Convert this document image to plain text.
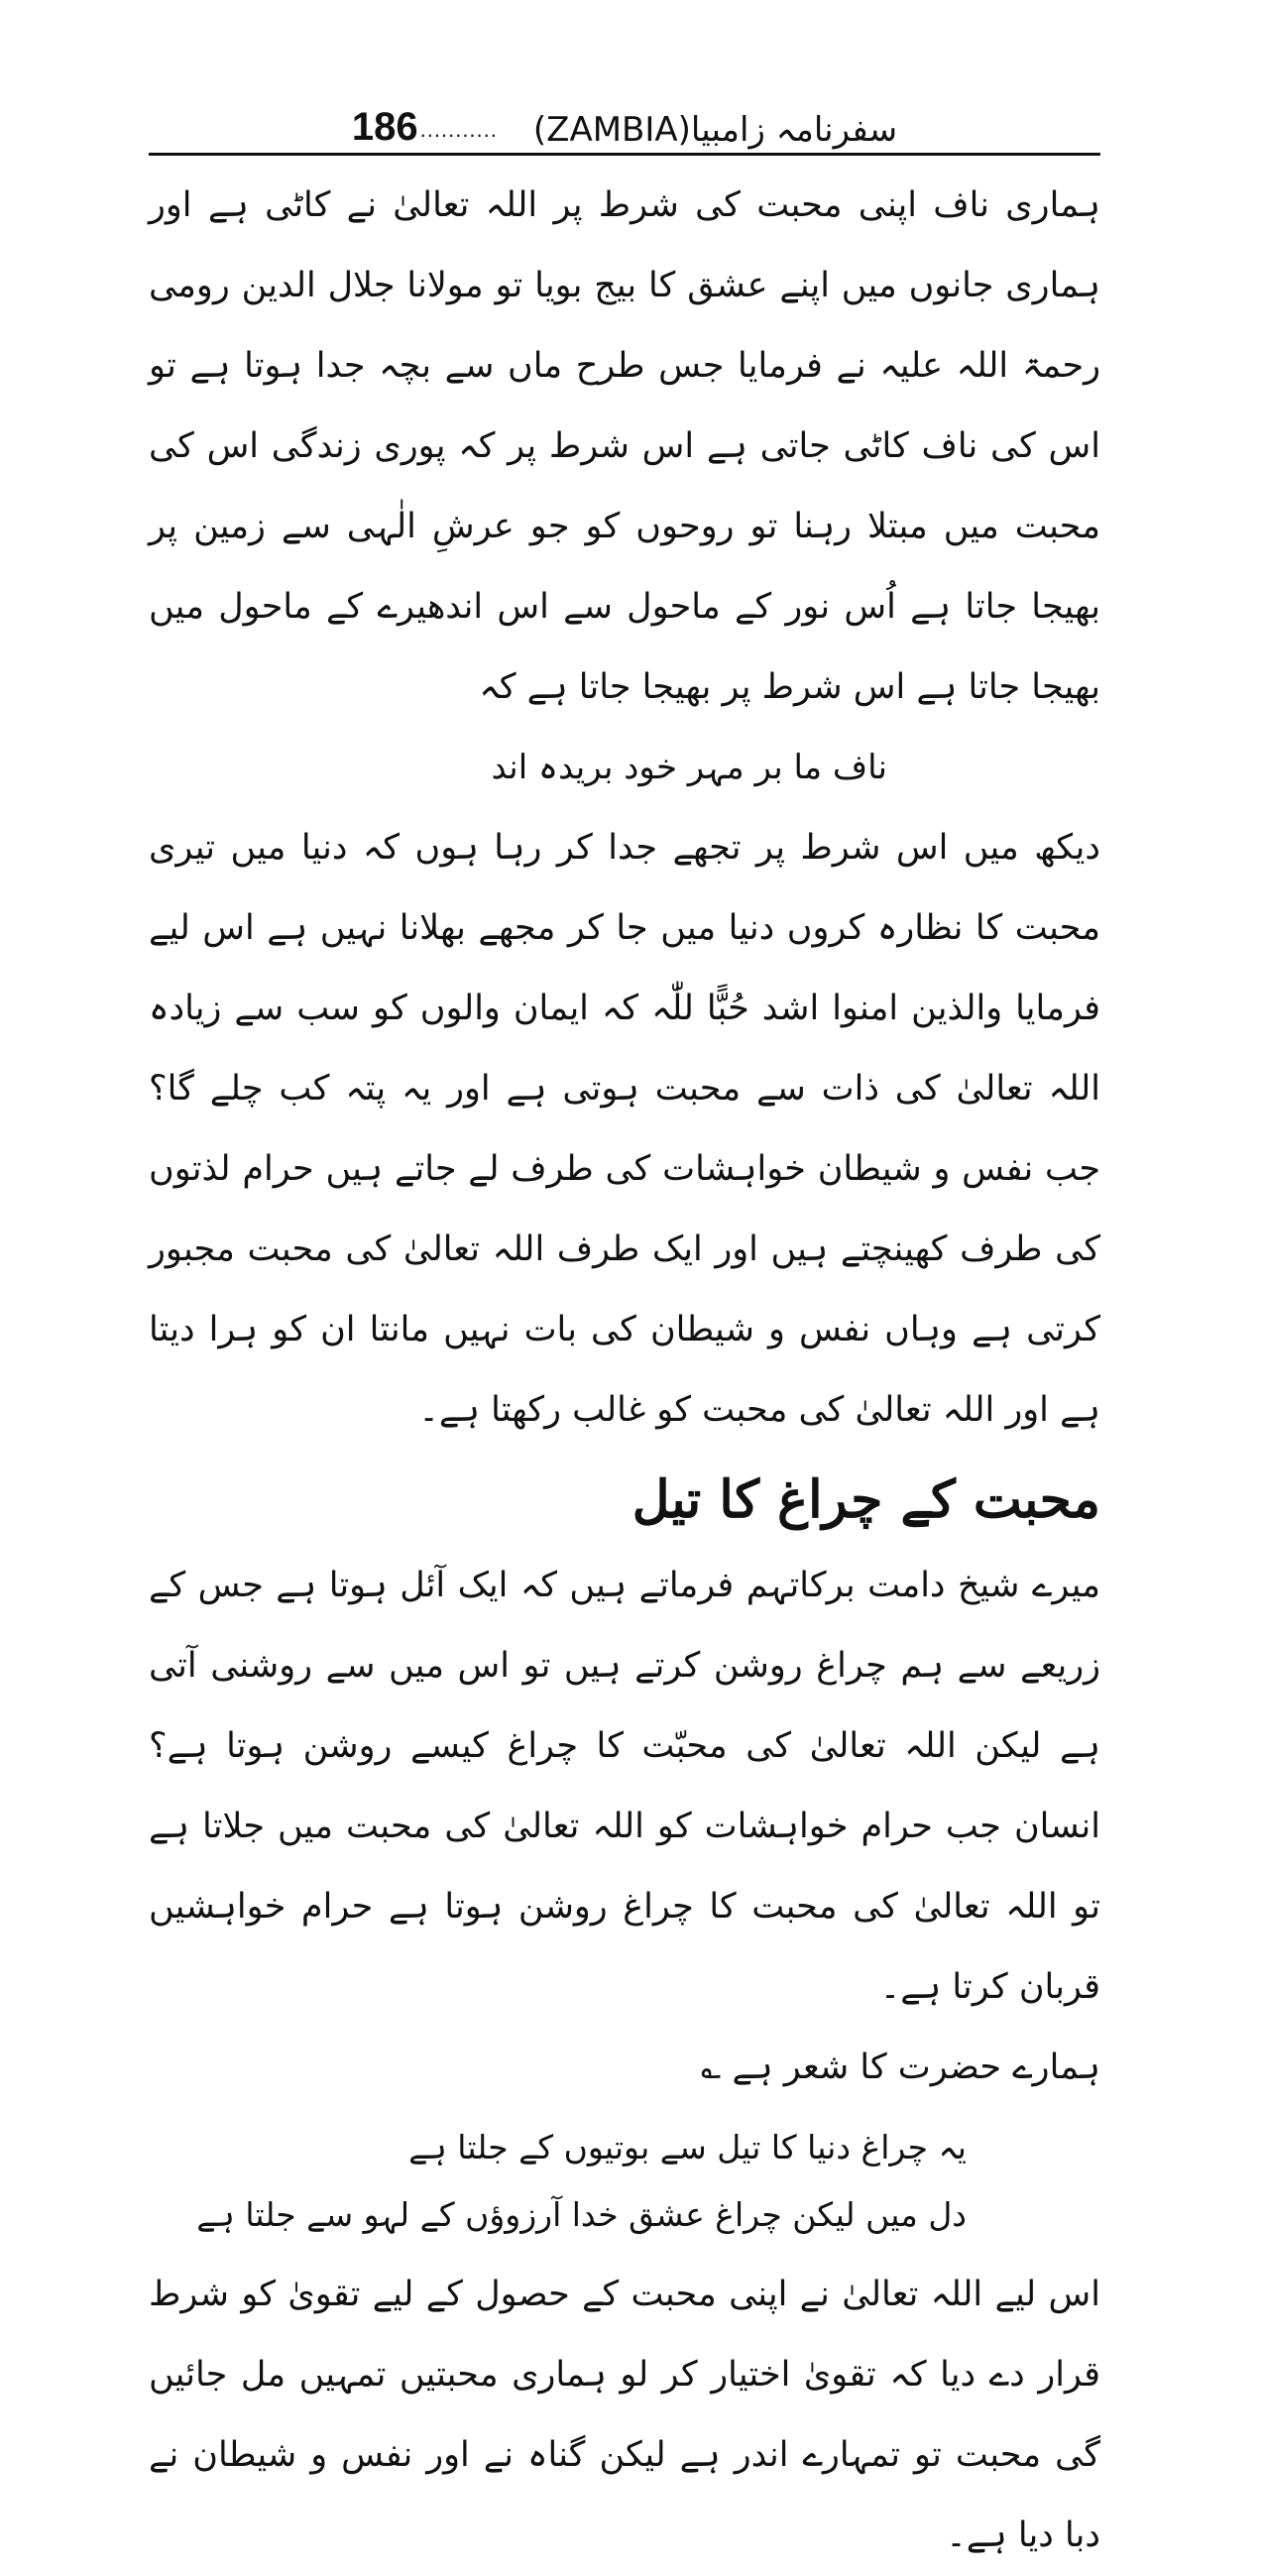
186 ........... سفرنامہ زامبیا(ZAMBIA)

ہماری ناف اپنی محبت کی شرط پر اللہ تعالیٰ نے کاٹی ہے اور ہماری جانوں میں اپنے عشق کا بیج بویا تو مولانا جلال الدین رومی رحمۃ اللہ علیہ نے فرمایا جس طرح ماں سے بچہ جدا ہوتا ہے تو اس کی ناف کاٹی جاتی ہے اس شرط پر کہ پوری زندگی اس کی محبت میں مبتلا رہنا تو روحوں کو جو عرشِ الٰہی سے زمین پر بھیجا جاتا ہے اُس نور کے ماحول سے اس اندھیرے کے ماحول میں بھیجا جاتا ہے اس شرط پر بھیجا جاتا ہے کہ

ناف ما بر مہر خود بریدہ اند

دیکھ میں اس شرط پر تجھے جدا کر رہا ہوں کہ دنیا میں تیری محبت کا نظارہ کروں دنیا میں جا کر مجھے بھلانا نہیں ہے اس لیے فرمایا والذین امنوا اشد حُبًّا للّٰہ کہ ایمان والوں کو سب سے زیادہ اللہ تعالیٰ کی ذات سے محبت ہوتی ہے اور یہ پتہ کب چلے گا؟ جب نفس و شیطان خواہشات کی طرف لے جاتے ہیں حرام لذتوں کی طرف کھینچتے ہیں اور ایک طرف اللہ تعالیٰ کی محبت مجبور کرتی ہے وہاں نفس و شیطان کی بات نہیں مانتا ان کو ہرا دیتا ہے اور اللہ تعالیٰ کی محبت کو غالب رکھتا ہے۔

محبت کے چراغ کا تیل

میرے شیخ دامت برکاتہم فرماتے ہیں کہ ایک آئل ہوتا ہے جس کے زریعے سے ہم چراغ روشن کرتے ہیں تو اس میں سے روشنی آتی ہے لیکن اللہ تعالیٰ کی محبّت کا چراغ کیسے روشن ہوتا ہے؟ انسان جب حرام خواہشات کو اللہ تعالیٰ کی محبت میں جلاتا ہے تو اللہ تعالیٰ کی محبت کا چراغ روشن ہوتا ہے حرام خواہشیں قربان کرتا ہے۔

ہمارے حضرت کا شعر ہے ؎

یہ چراغ دنیا کا تیل سے بوتیوں کے جلتا ہے

دل میں لیکن چراغ عشق خدا آرزوؤں کے لہو سے جلتا ہے

اس لیے اللہ تعالیٰ نے اپنی محبت کے حصول کے لیے تقویٰ کو شرط قرار دے دیا کہ تقویٰ اختیار کر لو ہماری محبتیں تمہیں مل جائیں گی محبت تو تمہارے اندر ہے لیکن گناہ نے اور نفس و شیطان نے دبا دیا ہے۔
